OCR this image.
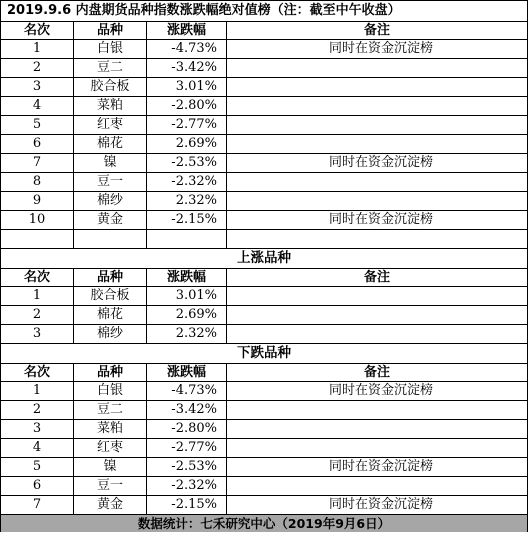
2019.9.6 内盘期货品种指数涨跌幅绝对值榜（注：截至中午收盘）			
名次	品种	涨跌幅	备注
1	白银	-4.73%	同时在资金沉淀榜
2	豆二	-3.42%	
3	胶合板	3.01%	
4	菜粕	-2.80%	
5	红枣	-2.77%	
6	棉花	2.69%	
7	镍	-2.53%	同时在资金沉淀榜
8	豆一	-2.32%	
9	棉纱	2.32%	
10	黄金	-2.15%	同时在资金沉淀榜

上涨品种			
名次	品种	涨跌幅	备注
1	胶合板	3.01%	
2	棉花	2.69%	
3	棉纱	2.32%	
下跌品种			
名次	品种	涨跌幅	备注
1	白银	-4.73%	同时在资金沉淀榜
2	豆二	-3.42%	
3	菜粕	-2.80%	
4	红枣	-2.77%	
5	镍	-2.53%	同时在资金沉淀榜
6	豆一	-2.32%	
7	黄金	-2.15%	同时在资金沉淀榜
数据统计：七禾研究中心（2019年9月6日）			
